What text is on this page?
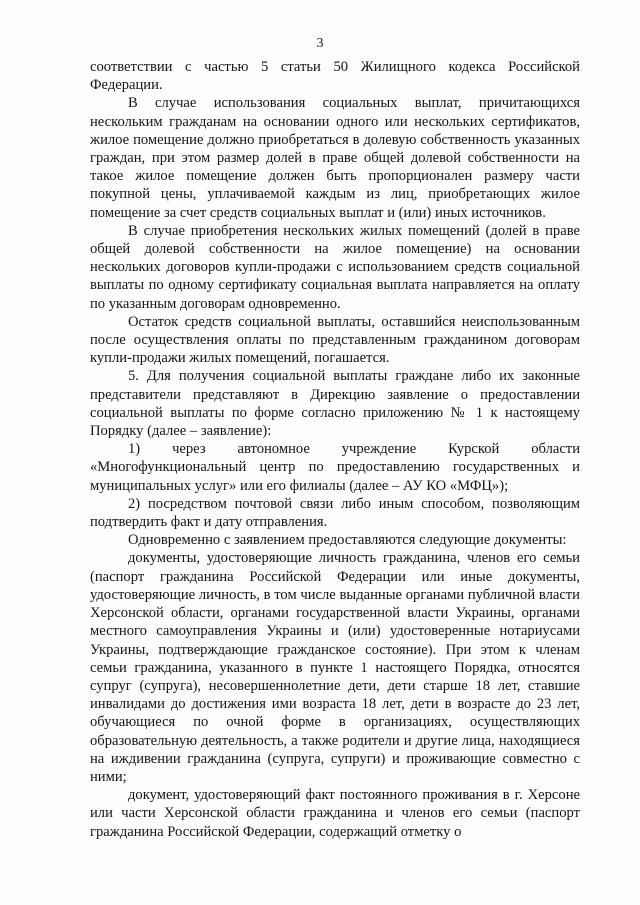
3

соответствии с частью 5 статьи 50 Жилищного кодекса Российской Федерации.

В случае использования социальных выплат, причитающихся нескольким гражданам на основании одного или нескольких сертификатов, жилое помещение должно приобретаться в долевую собственность указанных граждан, при этом размер долей в праве общей долевой собственности на такое жилое помещение должен быть пропорционален размеру части покупной цены, уплачиваемой каждым из лиц, приобретающих жилое помещение за счет средств социальных выплат и (или) иных источников.

В случае приобретения нескольких жилых помещений (долей в праве общей долевой собственности на жилое помещение) на основании нескольких договоров купли-продажи с использованием средств социальной выплаты по одному сертификату социальная выплата направляется на оплату по указанным договорам одновременно.

Остаток средств социальной выплаты, оставшийся неиспользованным после осуществления оплаты по представленным гражданином договорам купли-продажи жилых помещений, погашается.

5. Для получения социальной выплаты граждане либо их законные представители представляют в Дирекцию заявление о предоставлении социальной выплаты по форме согласно приложению № 1 к настоящему Порядку (далее – заявление):

1) через автономное учреждение Курской области «Многофункциональный центр по предоставлению государственных и муниципальных услуг» или его филиалы (далее – АУ КО «МФЦ»);

2) посредством почтовой связи либо иным способом, позволяющим подтвердить факт и дату отправления.

Одновременно с заявлением предоставляются следующие документы:

документы, удостоверяющие личность гражданина, членов его семьи (паспорт гражданина Российской Федерации или иные документы, удостоверяющие личность, в том числе выданные органами публичной власти Херсонской области, органами государственной власти Украины, органами местного самоуправления Украины и (или) удостоверенные нотариусами Украины, подтверждающие гражданское состояние). При этом к членам семьи гражданина, указанного в пункте 1 настоящего Порядка, относятся супруг (супруга), несовершеннолетние дети, дети старше 18 лет, ставшие инвалидами до достижения ими возраста 18 лет, дети в возрасте до 23 лет, обучающиеся по очной форме в организациях, осуществляющих образовательную деятельность, а также родители и другие лица, находящиеся на иждивении гражданина (супруга, супруги) и проживающие совместно с ними;

документ, удостоверяющий факт постоянного проживания в г. Херсоне или части Херсонской области гражданина и членов его семьи (паспорт гражданина Российской Федерации, содержащий отметку о
